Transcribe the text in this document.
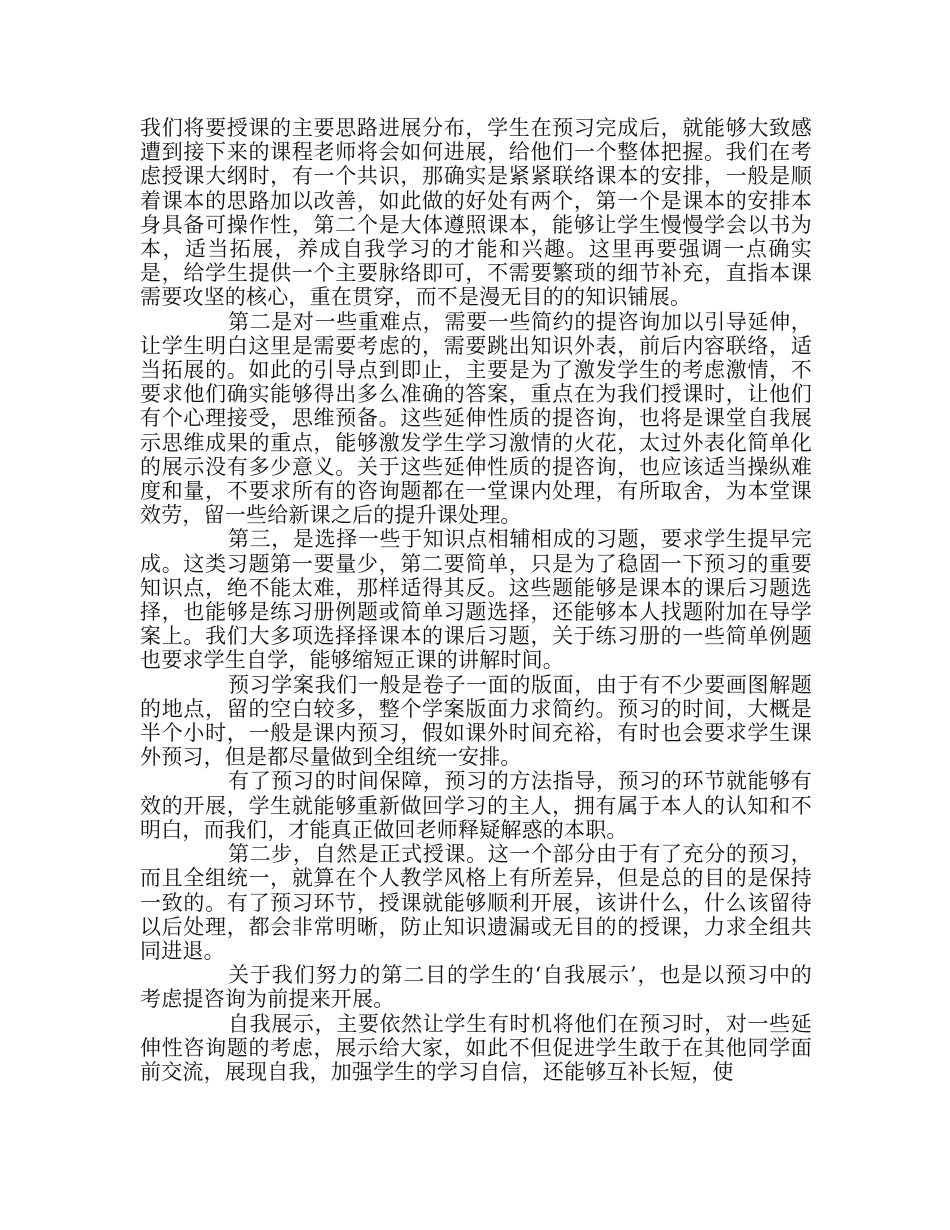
我们将要授课的主要思路进展分布，学生在预习完成后，就能够大致感遭到接下来的课程老师将会如何进展，给他们一个整体把握。我们在考虑授课大纲时，有一个共识，那确实是紧紧联络课本的安排，一般是顺着课本的思路加以改善，如此做的好处有两个，第一个是课本的安排本身具备可操作性，第二个是大体遵照课本，能够让学生慢慢学会以书为本，适当拓展，养成自我学习的才能和兴趣。这里再要强调一点确实是，给学生提供一个主要脉络即可，不需要繁琐的细节补充，直指本课需要攻坚的核心，重在贯穿，而不是漫无目的的知识铺展。

第二是对一些重难点，需要一些简约的提咨询加以引导延伸，让学生明白这里是需要考虑的，需要跳出知识外表，前后内容联络，适当拓展的。如此的引导点到即止，主要是为了激发学生的考虑激情，不要求他们确实能够得出多么准确的答案，重点在为我们授课时，让他们有个心理接受，思维预备。这些延伸性质的提咨询，也将是课堂自我展示思维成果的重点，能够激发学生学习激情的火花，太过外表化简单化的展示没有多少意义。关于这些延伸性质的提咨询，也应该适当操纵难度和量，不要求所有的咨询题都在一堂课内处理，有所取舍，为本堂课效劳，留一些给新课之后的提升课处理。

第三，是选择一些于知识点相辅相成的习题，要求学生提早完成。这类习题第一要量少，第二要简单，只是为了稳固一下预习的重要知识点，绝不能太难，那样适得其反。这些题能够是课本的课后习题选择，也能够是练习册例题或简单习题选择，还能够本人找题附加在导学案上。我们大多项选择择课本的课后习题，关于练习册的一些简单例题也要求学生自学，能够缩短正课的讲解时间。

预习学案我们一般是卷子一面的版面，由于有不少要画图解题的地点，留的空白较多，整个学案版面力求简约。预习的时间，大概是半个小时，一般是课内预习，假如课外时间充裕，有时也会要求学生课外预习，但是都尽量做到全组统一安排。

有了预习的时间保障，预习的方法指导，预习的环节就能够有效的开展，学生就能够重新做回学习的主人，拥有属于本人的认知和不明白，而我们，才能真正做回老师释疑解惑的本职。

第二步，自然是正式授课。这一个部分由于有了充分的预习，而且全组统一，就算在个人教学风格上有所差异，但是总的目的是保持一致的。有了预习环节，授课就能够顺利开展，该讲什么，什么该留待以后处理，都会非常明晰，防止知识遗漏或无目的的授课，力求全组共同进退。

关于我们努力的第二目的学生的‘自我展示’，也是以预习中的考虑提咨询为前提来开展。

自我展示，主要依然让学生有时机将他们在预习时，对一些延伸性咨询题的考虑，展示给大家，如此不但促进学生敢于在其他同学面前交流，展现自我，加强学生的学习自信，还能够互补长短，使
